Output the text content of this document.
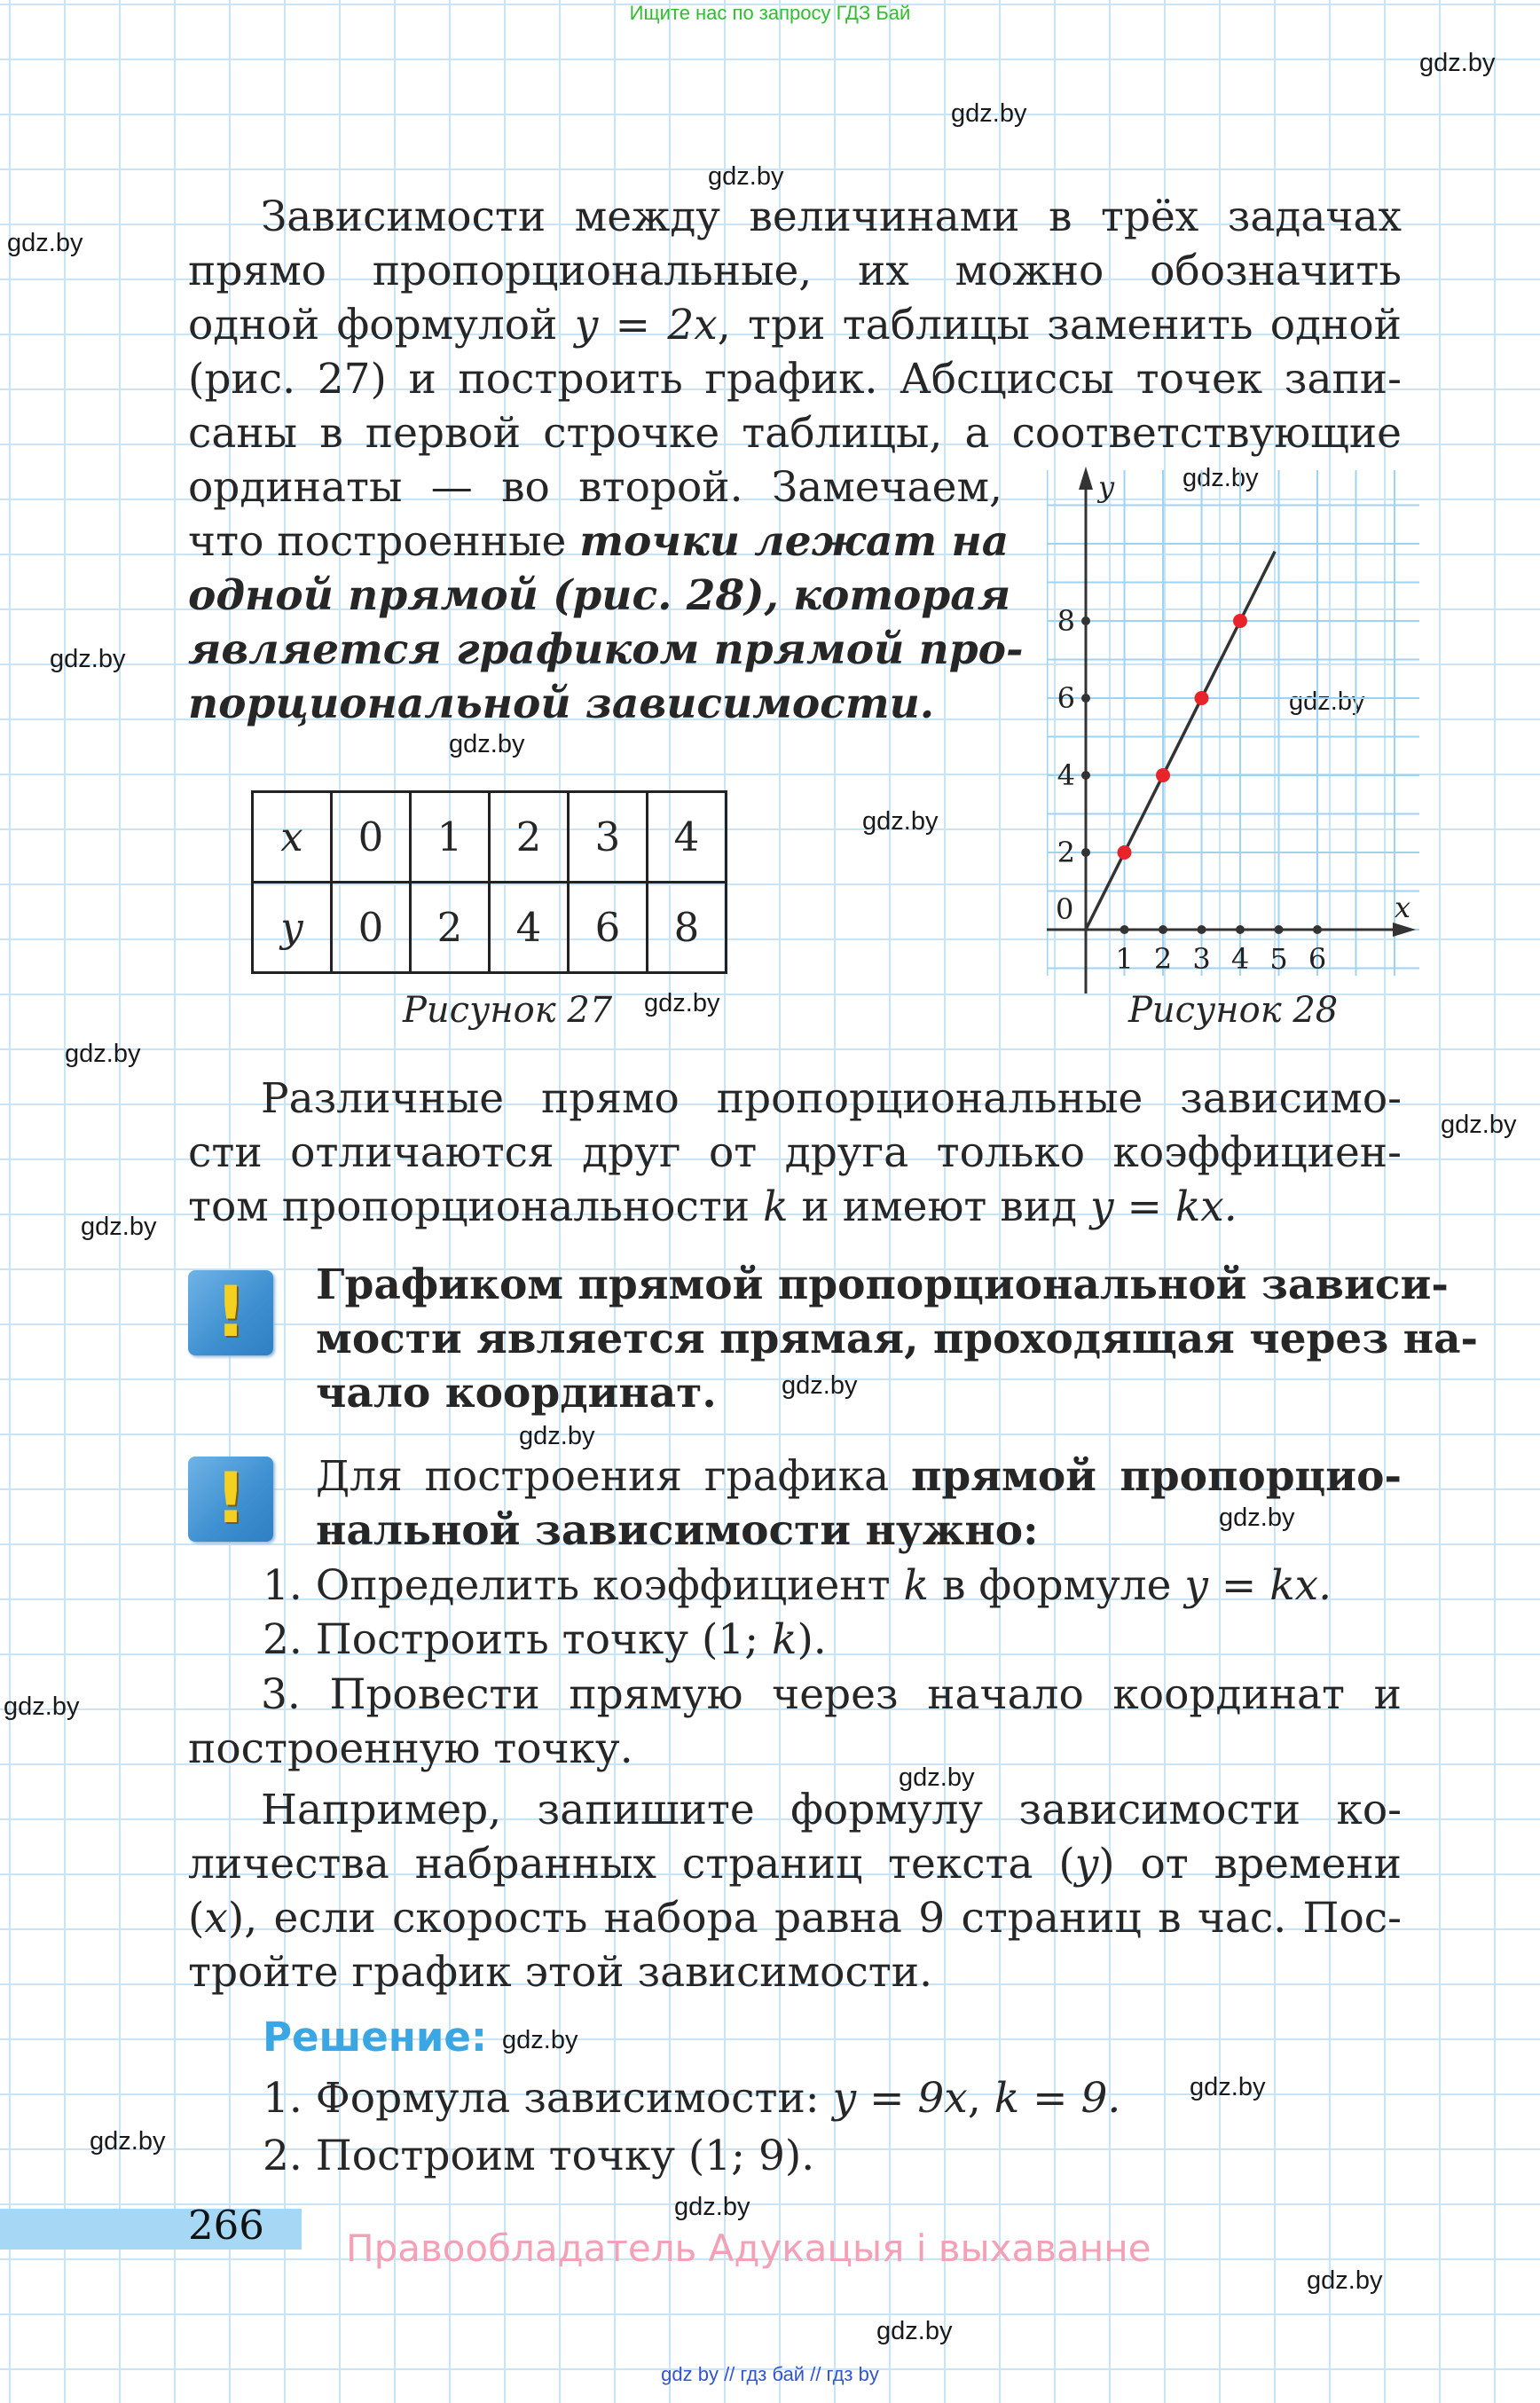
Ищите нас по запросу ГДЗ Бай
gdz.by
gdz.by
gdz.by
gdz.by
gdz.by
gdz.by
gdz.by
gdz.by
gdz.by
gdz.by
gdz.by
gdz.by
gdz.by
gdz.by
gdz.by
gdz.by
gdz.by
gdz.by
gdz.by
gdz.by
gdz.by
gdz.by
gdz.by
gdz.by
Зависимости между величинами в трёх задачах
прямо пропорциональные, их можно обозначить
одной формулой y = 2x, три таблицы заменить одной
(рис. 27) и построить график. Абсциссы точек запи-
саны в первой строчке таблицы, а соответствующие
ординаты — во второй. Замечаем,
что построенные точки лежат на
одной прямой (рис. 28), которая
является графиком прямой про-
порциональной зависимости.
x	0	1	2	3	4
y	0	2	4	6	8
Рисунок 27
x
y
0
1 2 3 4 5 6
2
4
6
8
Рисунок 28
Различные прямо пропорциональные зависимо-
сти отличаются друг от друга только коэффициен-
том пропорциональности k и имеют вид y = kx.
!	Графиком прямой пропорциональной зависи-
мости является прямая, проходящая через на-
чало координат.
!	Для построения графика прямой пропорцио-
нальной зависимости нужно:
1. Определить коэффициент k в формуле y = kx.
2. Построить точку (1; k).
3. Провести прямую через начало координат и
построенную точку.
Например, запишите формулу зависимости ко-
личества набранных страниц текста (y) от времени
(x), если скорость набора равна 9 страниц в час. Пос-
тройте график этой зависимости.
Решение:
1. Формула зависимости: y = 9x, k = 9.
2. Построим точку (1; 9).
266 Правообладатель Адукацыя і выхаванне
gdz by // гдз бай // гдз by
